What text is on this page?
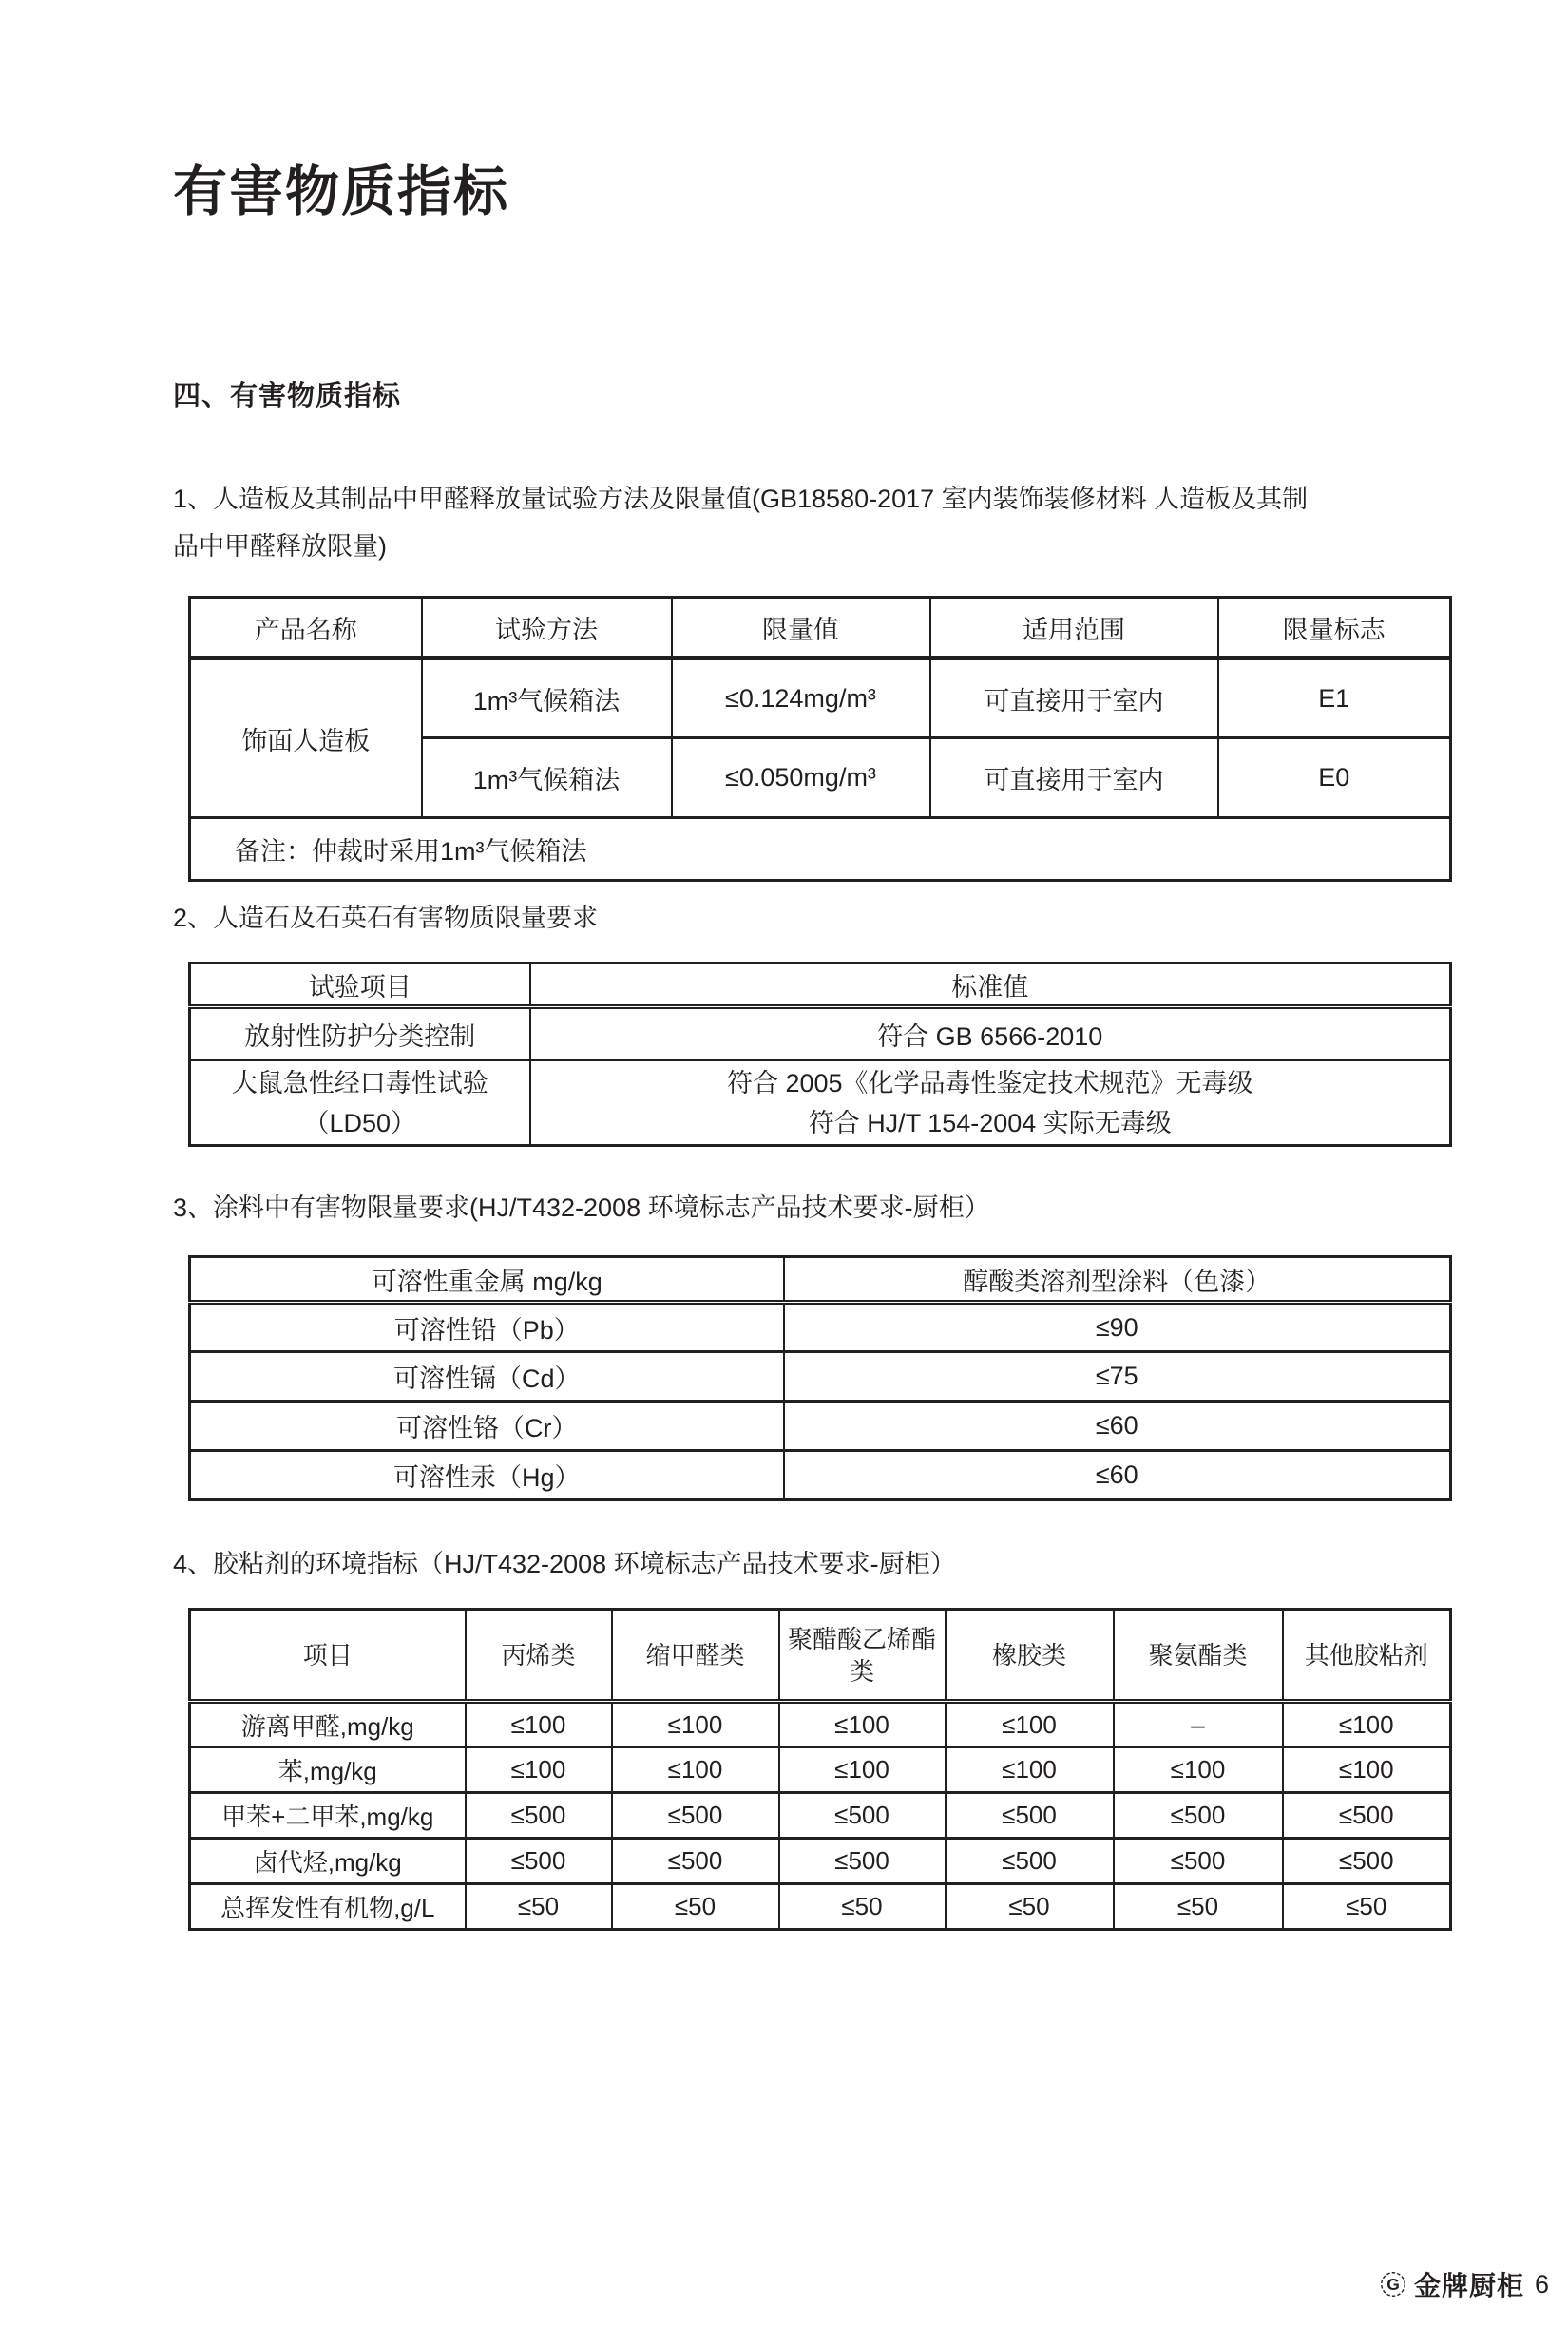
有害物质指标
四、有害物质指标
1、人造板及其制品中甲醛释放量试验方法及限量值(GB18580-2017 室内装饰装修材料 人造板及其制
品中甲醛释放限量)
产品名称	试验方法	限量值	适用范围	限量标志
饰面人造板	1m³气候箱法	≤0.124mg/m³	可直接用于室内	E1
	1m³气候箱法	≤0.050mg/m³	可直接用于室内	E0
备注：仲裁时采用1m³气候箱法				
2、人造石及石英石有害物质限量要求
试验项目	标准值
放射性防护分类控制	符合 GB 6566-2010

大鼠急性经口毒性试验
（LD50）	符合 2005《化学品毒性鉴定技术规范》无毒级
符合 HJ/T 154-2004 实际无毒级
3、涂料中有害物限量要求(HJ/T432-2008 环境标志产品技术要求-厨柜）
可溶性重金属 mg/kg	醇酸类溶剂型涂料（色漆）
可溶性铅（Pb）	≤90
可溶性镉（Cd）	≤75
可溶性铬（Cr）	≤60
可溶性汞（Hg）	≤60
4、胶粘剂的环境指标（HJ/T432-2008 环境标志产品技术要求-厨柜）
项目	丙烯类	缩甲醛类	聚醋酸乙烯酯类	橡胶类	聚氨酯类	其他胶粘剂
游离甲醛,mg/kg	≤100	≤100	≤100	≤100	–	≤100
苯,mg/kg	≤100	≤100	≤100	≤100	≤100	≤100
甲苯+二甲苯,mg/kg	≤500	≤500	≤500	≤500	≤500	≤500
卤代烃,mg/kg	≤500	≤500	≤500	≤500	≤500	≤500
总挥发性有机物,g/L	≤50	≤50	≤50	≤50	≤50	≤50
G 金牌厨柜 6
